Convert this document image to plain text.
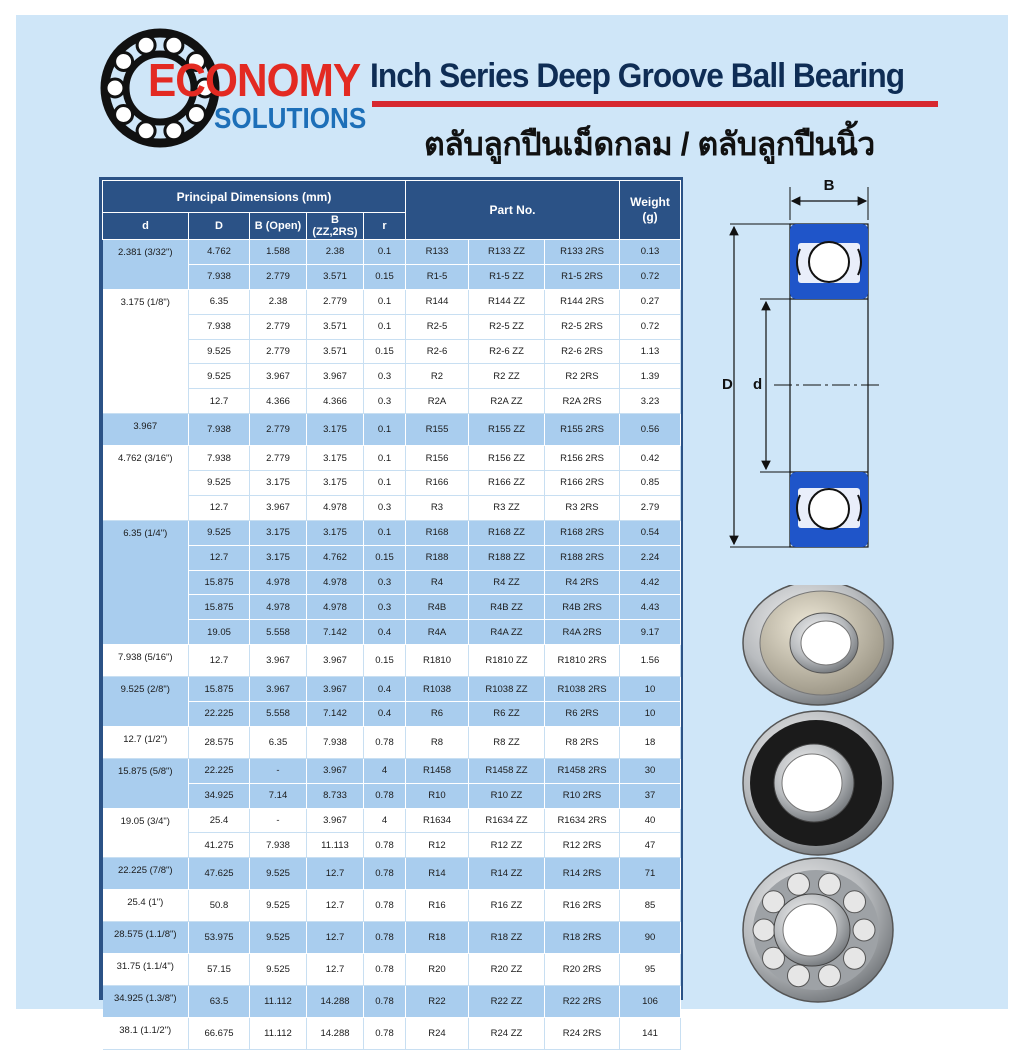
ECONOMY
SOLUTIONS
Inch Series Deep Groove Ball Bearing
ตลับลูกปืนเม็ดกลม / ตลับลูกปืนนิ้ว
Principal Dimensions (mm)					Part No.			Weight
(g)
d	D	B (Open)	B (ZZ,2RS)	r				
2.381 (3/32")	4.762	1.588	2.38	0.1	R133	R133 ZZ	R133 2RS	0.13
	7.938	2.779	3.571	0.15	R1-5	R1-5 ZZ	R1-5 2RS	0.72
3.175 (1/8")	6.35	2.38	2.779	0.1	R144	R144 ZZ	R144 2RS	0.27
	7.938	2.779	3.571	0.1	R2-5	R2-5 ZZ	R2-5 2RS	0.72
	9.525	2.779	3.571	0.15	R2-6	R2-6 ZZ	R2-6 2RS	1.13
	9.525	3.967	3.967	0.3	R2	R2 ZZ	R2 2RS	1.39
	12.7	4.366	4.366	0.3	R2A	R2A ZZ	R2A 2RS	3.23
3.967	7.938	2.779	3.175	0.1	R155	R155 ZZ	R155 2RS	0.56
4.762 (3/16")	7.938	2.779	3.175	0.1	R156	R156 ZZ	R156 2RS	0.42
	9.525	3.175	3.175	0.1	R166	R166 ZZ	R166 2RS	0.85
	12.7	3.967	4.978	0.3	R3	R3 ZZ	R3 2RS	2.79
6.35 (1/4")	9.525	3.175	3.175	0.1	R168	R168 ZZ	R168 2RS	0.54
	12.7	3.175	4.762	0.15	R188	R188 ZZ	R188 2RS	2.24
	15.875	4.978	4.978	0.3	R4	R4 ZZ	R4 2RS	4.42
	15.875	4.978	4.978	0.3	R4B	R4B ZZ	R4B 2RS	4.43
	19.05	5.558	7.142	0.4	R4A	R4A ZZ	R4A 2RS	9.17
7.938 (5/16")	12.7	3.967	3.967	0.15	R1810	R1810 ZZ	R1810 2RS	1.56
9.525 (2/8")	15.875	3.967	3.967	0.4	R1038	R1038 ZZ	R1038 2RS	10
	22.225	5.558	7.142	0.4	R6	R6 ZZ	R6 2RS	10
12.7 (1/2")	28.575	6.35	7.938	0.78	R8	R8 ZZ	R8 2RS	18
15.875 (5/8")	22.225	-	3.967	4	R1458	R1458 ZZ	R1458 2RS	30
	34.925	7.14	8.733	0.78	R10	R10 ZZ	R10 2RS	37
19.05 (3/4")	25.4	-	3.967	4	R1634	R1634 ZZ	R1634 2RS	40
	41.275	7.938	11.113	0.78	R12	R12 ZZ	R12 2RS	47
22.225 (7/8")	47.625	9.525	12.7	0.78	R14	R14 ZZ	R14 2RS	71
25.4 (1")	50.8	9.525	12.7	0.78	R16	R16 ZZ	R16 2RS	85
28.575 (1.1/8")	53.975	9.525	12.7	0.78	R18	R18 ZZ	R18 2RS	90
31.75 (1.1/4")	57.15	9.525	12.7	0.78	R20	R20 ZZ	R20 2RS	95
34.925 (1.3/8")	63.5	11.112	14.288	0.78	R22	R22 ZZ	R22 2RS	106
38.1 (1.1/2")	66.675	11.112	14.288	0.78	R24	R24 ZZ	R24 2RS	141
B
D d
